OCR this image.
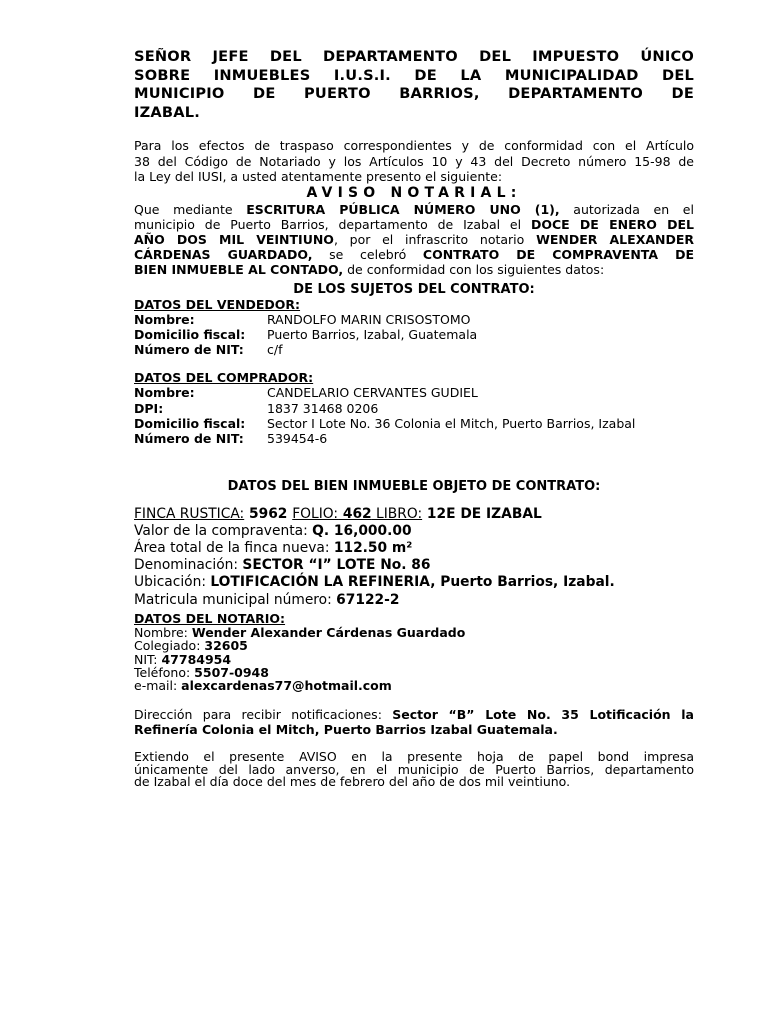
SEÑOR JEFE DEL DEPARTAMENTO DEL IMPUESTO ÚNICO
SOBRE INMUEBLES I.U.S.I. DE LA MUNICIPALIDAD DEL
MUNICIPIO DE PUERTO BARRIOS, DEPARTAMENTO DE
IZABAL.
Para los efectos de traspaso correspondientes y de conformidad con el Artículo
38 del Código de Notariado y los Artículos 10 y 43 del Decreto número 15-98 de
la Ley del IUSI, a usted atentamente presento el siguiente:
AVISO NOTARIAL:
Que mediante ESCRITURA PÚBLICA NÚMERO UNO (1), autorizada en el
municipio de Puerto Barrios, departamento de Izabal el DOCE DE ENERO DEL
AÑO DOS MIL VEINTIUNO, por el infrascrito notario WENDER ALEXANDER
CÁRDENAS GUARDADO, se celebró CONTRATO DE COMPRAVENTA DE
BIEN INMUEBLE AL CONTADO, de conformidad con los siguientes datos:
DE LOS SUJETOS DEL CONTRATO:
DATOS DEL VENDEDOR:
Nombre:	RANDOLFO MARIN CRISOSTOMO
Domicilio fiscal:	Puerto Barrios, Izabal, Guatemala
Número de NIT:	c/f
DATOS DEL COMPRADOR:
Nombre:	CANDELARIO CERVANTES GUDIEL
DPI:	1837 31468 0206
Domicilio fiscal:	Sector I Lote No. 36 Colonia el Mitch, Puerto Barrios, Izabal
Número de NIT:	539454-6
DATOS DEL BIEN INMUEBLE OBJETO DE CONTRATO:
FINCA RUSTICA: 5962 FOLIO: 462 LIBRO: 12E DE IZABAL
Valor de la compraventa: Q. 16,000.00
Área total de la finca nueva: 112.50 m²
Denominación: SECTOR “I” LOTE No. 86
Ubicación: LOTIFICACIÓN LA REFINERIA, Puerto Barrios, Izabal.
Matricula municipal número: 67122-2
DATOS DEL NOTARIO:
Nombre: Wender Alexander Cárdenas Guardado
Colegiado: 32605
NIT: 47784954
Teléfono: 5507-0948
e-mail: alexcardenas77@hotmail.com
Dirección para recibir notificaciones: Sector “B” Lote No. 35 Lotificación la
Refinería Colonia el Mitch, Puerto Barrios Izabal Guatemala.
Extiendo el presente AVISO en la presente hoja de papel bond impresa
únicamente del lado anverso, en el municipio de Puerto Barrios, departamento
de Izabal el día doce del mes de febrero del año de dos mil veintiuno.
